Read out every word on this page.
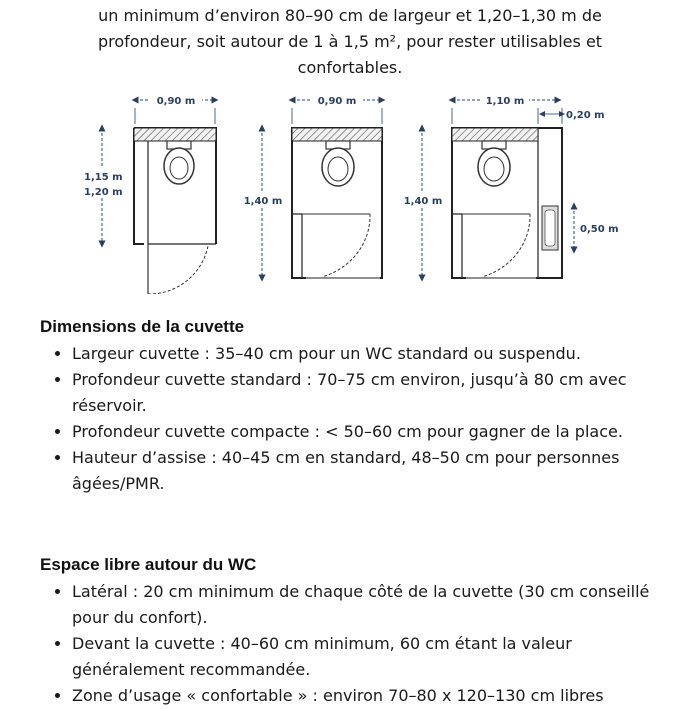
un minimum d’environ 80–90 cm de largeur et 1,20–1,30 m de profondeur, soit autour de 1 à 1,5 m², pour rester utilisables et confortables.

0,90 m
1,15 m
1,20 m
0,90 m
1,40 m
1,10 m
0,20 m
1,40 m
0,50 m
Dimensions de la cuvette
• Largeur cuvette : 35–40 cm pour un WC standard ou suspendu.
• Profondeur cuvette standard : 70–75 cm environ, jusqu’à 80 cm avec réservoir.
• Profondeur cuvette compacte : < 50–60 cm pour gagner de la place.
• Hauteur d’assise : 40–45 cm en standard, 48–50 cm pour personnes âgées/PMR.
Espace libre autour du WC
• Latéral : 20 cm minimum de chaque côté de la cuvette (30 cm conseillé pour du confort).
• Devant la cuvette : 40–60 cm minimum, 60 cm étant la valeur généralement recommandée.
• Zone d’usage « confortable » : environ 70–80 x 120–130 cm libres
